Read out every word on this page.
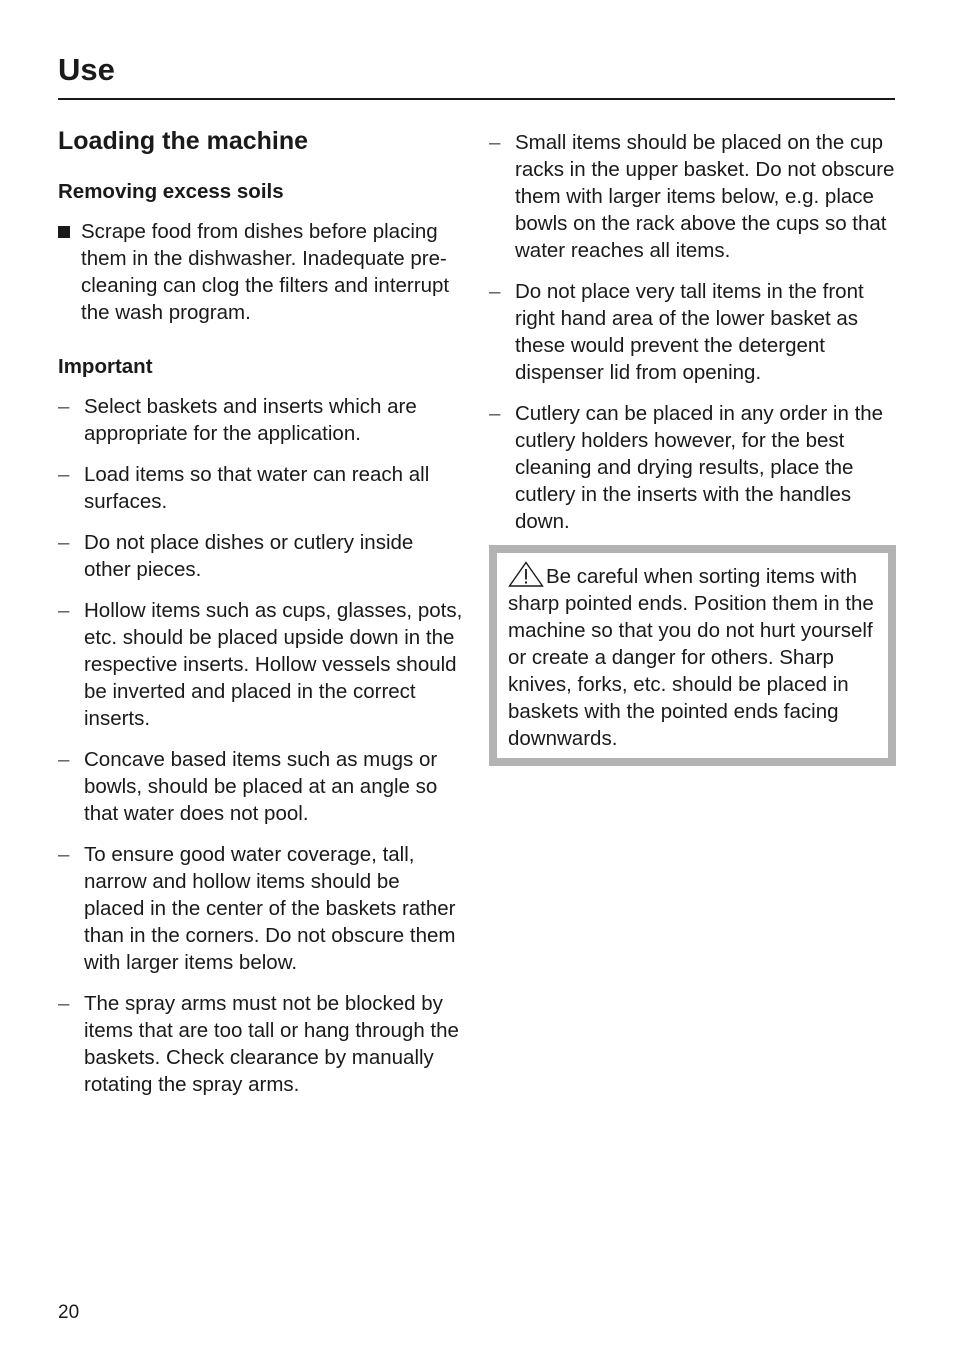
Use
Loading the machine
Removing excess soils
Scrape food from dishes before placing them in the dishwasher. Inadequate pre-cleaning can clog the filters and interrupt the wash program.
Important
– Select baskets and inserts which are appropriate for the application.
– Load items so that water can reach all surfaces.
– Do not place dishes or cutlery inside other pieces.
– Hollow items such as cups, glasses, pots, etc. should be placed upside down in the respective inserts. Hollow vessels should be inverted and placed in the correct inserts.
– Concave based items such as mugs or bowls, should be placed at an angle so that water does not pool.
– To ensure good water coverage, tall, narrow and hollow items should be placed in the center of the baskets rather than in the corners. Do not obscure them with larger items below.
– The spray arms must not be blocked by items that are too tall or hang through the baskets. Check clearance by manually rotating the spray arms.
– Small items should be placed on the cup racks in the upper basket. Do not obscure them with larger items below, e.g. place bowls on the rack above the cups so that water reaches all items.
– Do not place very tall items in the front right hand area of the lower basket as these would prevent the detergent dispenser lid from opening.
– Cutlery can be placed in any order in the cutlery holders however, for the best cleaning and drying results, place the cutlery in the inserts with the handles down.
Be careful when sorting items with sharp pointed ends. Position them in the machine so that you do not hurt yourself or create a danger for others. Sharp knives, forks, etc. should be placed in baskets with the pointed ends facing downwards.
20
